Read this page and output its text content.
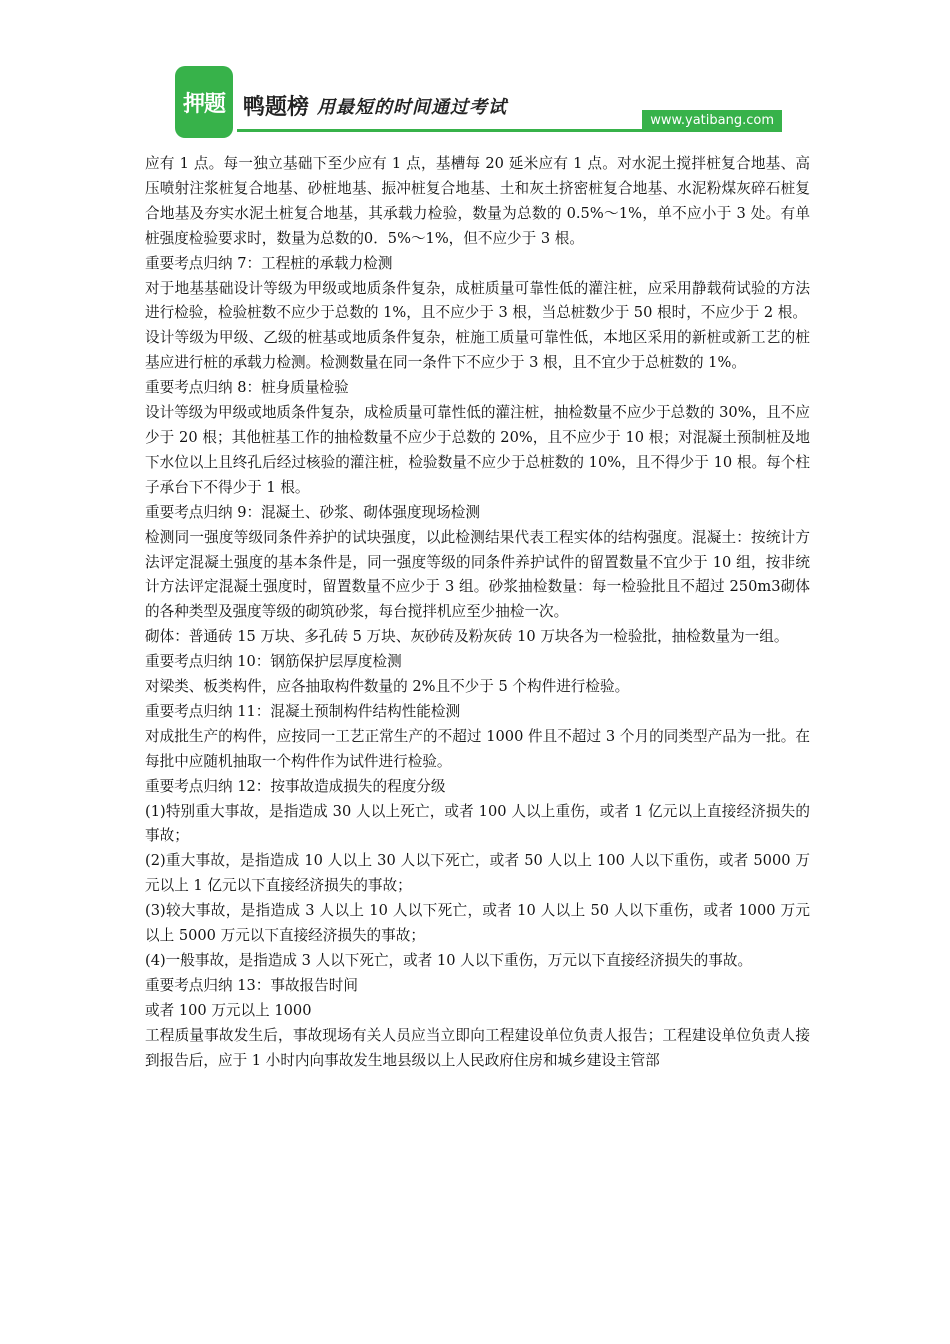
押题 鸭题榜 用最短的时间通过考试
www.yatibang.com

应有 1 点。每一独立基础下至少应有 1 点，基槽每 20 延米应有 1 点。对水泥土搅拌桩复合地基、高压喷射注浆桩复合地基、砂桩地基、振冲桩复合地基、土和灰土挤密桩复合地基、水泥粉煤灰碎石桩复合地基及夯实水泥土桩复合地基，其承载力检验，数量为总数的 0.5%～1%，单不应小于 3 处。有单桩强度检验要求时，数量为总数的0．5%～1%，但不应少于 3 根。

重要考点归纳 7：工程桩的承载力检测

对于地基基础设计等级为甲级或地质条件复杂，成桩质量可靠性低的灌注桩，应采用静载荷试验的方法进行检验，检验桩数不应少于总数的 1%，且不应少于 3 根，当总桩数少于 50 根时，不应少于 2 根。

设计等级为甲级、乙级的桩基或地质条件复杂，桩施工质量可靠性低，本地区采用的新桩或新工艺的桩基应进行桩的承载力检测。检测数量在同一条件下不应少于 3 根，且不宜少于总桩数的 1%。

重要考点归纳 8：桩身质量检验

设计等级为甲级或地质条件复杂，成检质量可靠性低的灌注桩，抽检数量不应少于总数的 30%，且不应少于 20 根；其他桩基工作的抽检数量不应少于总数的 20%，且不应少于 10 根；对混凝土预制桩及地下水位以上且终孔后经过核验的灌注桩，检验数量不应少于总桩数的 10%，且不得少于 10 根。每个柱子承台下不得少于 1 根。

重要考点归纳 9：混凝土、砂浆、砌体强度现场检测

检测同一强度等级同条件养护的试块强度，以此检测结果代表工程实体的结构强度。混凝土：按统计方法评定混凝土强度的基本条件是，同一强度等级的同条件养护试件的留置数量不宜少于 10 组，按非统计方法评定混凝土强度时，留置数量不应少于 3 组。砂浆抽检数量：每一检验批且不超过 250m3砌体的各种类型及强度等级的砌筑砂浆，每台搅拌机应至少抽检一次。

砌体：普通砖 15 万块、多孔砖 5 万块、灰砂砖及粉灰砖 10 万块各为一检验批，抽检数量为一组。

重要考点归纳 10：钢筋保护层厚度检测

对梁类、板类构件，应各抽取构件数量的 2%且不少于 5 个构件进行检验。

重要考点归纳 11：混凝土预制构件结构性能检测

对成批生产的构件，应按同一工艺正常生产的不超过 1000 件且不超过 3 个月的同类型产品为一批。在每批中应随机抽取一个构件作为试件进行检验。

重要考点归纳 12：按事故造成损失的程度分级

(1)特别重大事故，是指造成 30 人以上死亡，或者 100 人以上重伤，或者 1 亿元以上直接经济损失的事故；

(2)重大事故，是指造成 10 人以上 30 人以下死亡，或者 50 人以上 100 人以下重伤，或者 5000 万元以上 1 亿元以下直接经济损失的事故；

(3)较大事故，是指造成 3 人以上 10 人以下死亡，或者 10 人以上 50 人以下重伤，或者 1000 万元以上 5000 万元以下直接经济损失的事故；

(4)一般事故，是指造成 3 人以下死亡，或者 10 人以下重伤，万元以下直接经济损失的事故。

重要考点归纳 13：事故报告时间

或者 100 万元以上 1000

工程质量事故发生后，事故现场有关人员应当立即向工程建设单位负责人报告；工程建设单位负责人接到报告后，应于 1 小时内向事故发生地县级以上人民政府住房和城乡建设主管部
